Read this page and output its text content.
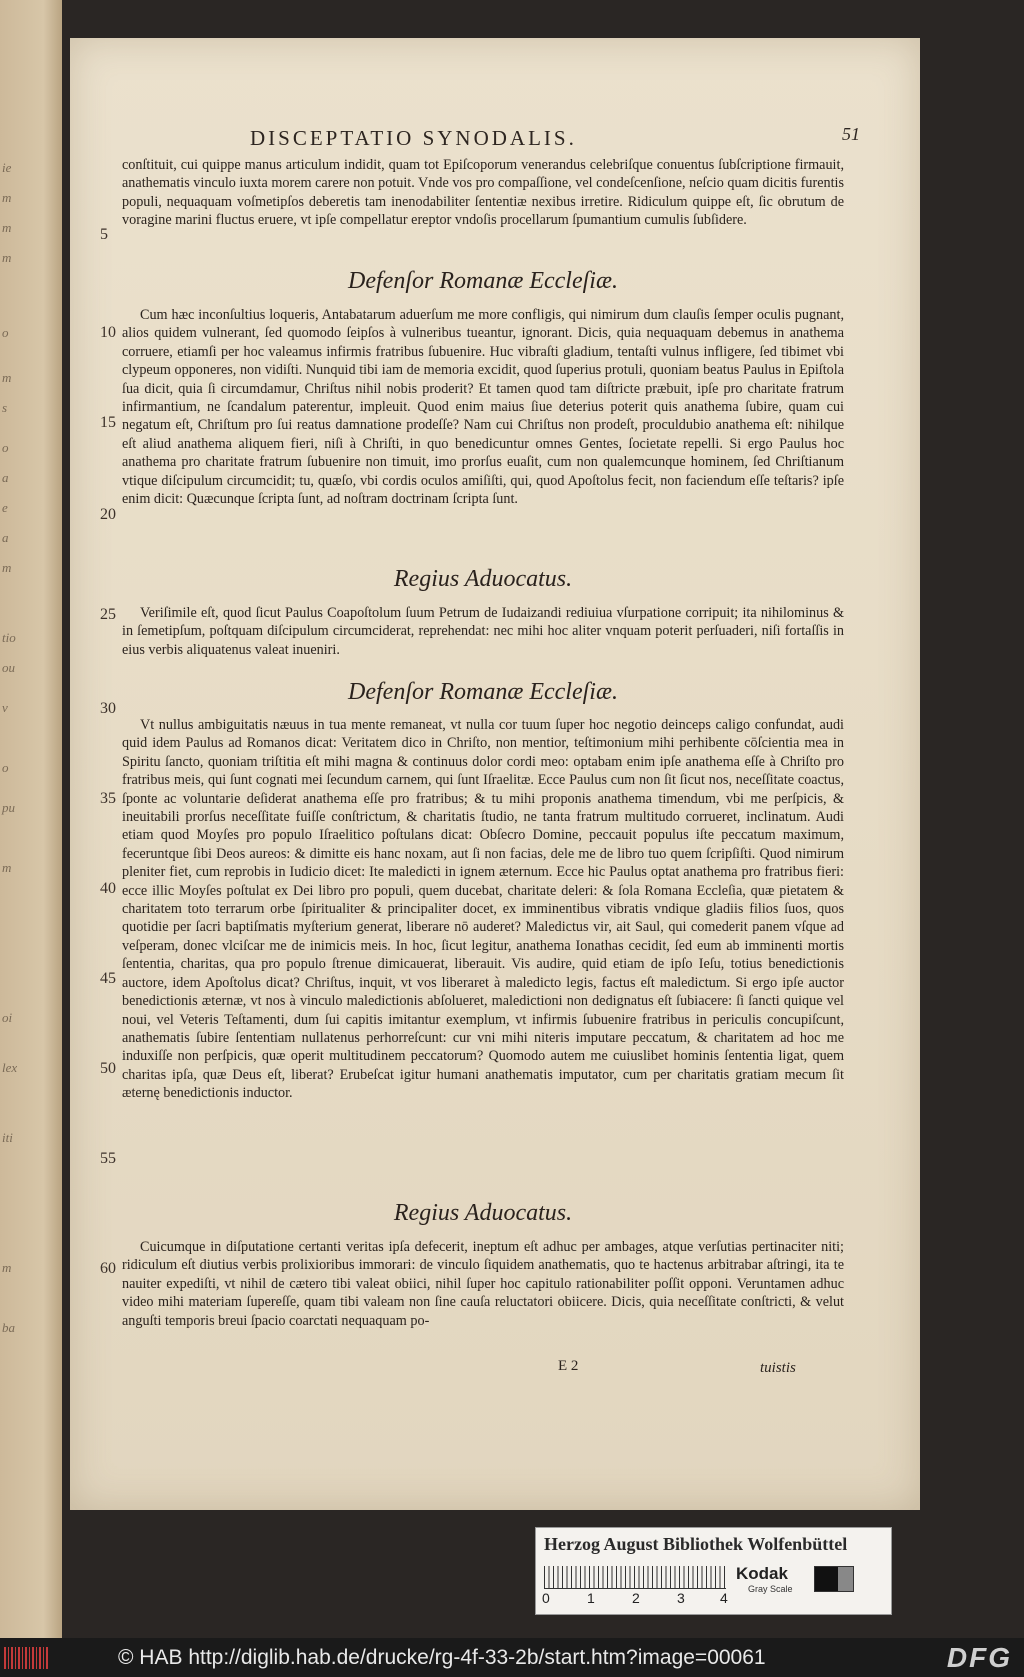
ie
m
m
m
o
m
s
o
a
e
a
m
tio
ou
v
o
pu
m
oi
lex
iti
m
ba
DISCEPTATIO SYNODALIS.	51
conſtituit, cui quippe manus articulum indidit, quam tot Epiſcoporum venerandus celebriſque conuentus ſubſcriptione firmauit, anathematis vinculo iuxta morem carere non potuit. Vnde vos pro compaſſione, vel condeſcenſione, neſcio quam dicitis furentis populi, nequaquam voſmetipſos deberetis tam inenodabiliter ſententiæ nexibus irretire. Ridiculum quippe eſt, ſic obrutum de voragine marini fluctus eruere, vt ipſe compellatur ereptor vndoſis procellarum ſpumantium cumulis ſubſidere.
Defenſor Romanæ Eccleſiæ.
Cum hæc inconſultius loqueris, Antabatarum aduerſum me more confligis, qui nimirum dum clauſis ſemper oculis pugnant, alios quidem vulnerant, ſed quomodo ſeipſos à vulneribus tueantur, ignorant. Dicis, quia nequaquam debemus in anathema corruere, etiamſi per hoc valeamus infirmis fratribus ſubuenire. Huc vibraſti gladium, tentaſti vulnus infligere, ſed tibimet vbi clypeum opponeres, non vidiſti. Nunquid tibi iam de memoria excidit, quod ſuperius protuli, quoniam beatus Paulus in Epiſtola ſua dicit, quia ſi circumdamur, Chriſtus nihil nobis proderit? Et tamen quod tam diſtricte præbuit, ipſe pro charitate fratrum infirmantium, ne ſcandalum paterentur, impleuit. Quod enim maius ſiue deterius poterit quis anathema ſubire, quam cui negatum eſt, Chriſtum pro ſui reatus damnatione prodeſſe? Nam cui Chriſtus non prodeſt, proculdubio anathema eſt: nihilque eſt aliud anathema aliquem fieri, niſi à Chriſti, in quo benedicuntur omnes Gentes, ſocietate repelli. Si ergo Paulus hoc anathema pro charitate fratrum ſubuenire non timuit, imo prorſus euaſit, cum non qualemcunque hominem, ſed Chriſtianum vtique diſcipulum circumcidit; tu, quæſo, vbi cordis oculos amiſiſti, qui, quod Apoſtolus fecit, non faciendum eſſe teſtaris? ipſe enim dicit: Quæcunque ſcripta ſunt, ad noſtram doctrinam ſcripta ſunt.
Regius Aduocatus.
Veriſimile eſt, quod ſicut Paulus Coapoſtolum ſuum Petrum de Iudaizandi rediuiua vſurpatione corripuit; ita nihilominus & in ſemetipſum, poſtquam diſcipulum circumciderat, reprehendat: nec mihi hoc aliter vnquam poterit perſuaderi, niſi fortaſſis in eius verbis aliquatenus valeat inueniri.
Defenſor Romanæ Eccleſiæ.
Vt nullus ambiguitatis næuus in tua mente remaneat, vt nulla cor tuum ſuper hoc negotio deinceps caligo confundat, audi quid idem Paulus ad Romanos dicat: Veritatem dico in Chriſto, non mentior, teſtimonium mihi perhibente cōſcientia mea in Spiritu ſancto, quoniam triſtitia eſt mihi magna & continuus dolor cordi meo: optabam enim ipſe anathema eſſe à Chriſto pro fratribus meis, qui ſunt cognati mei ſecundum carnem, qui ſunt Iſraelitæ. Ecce Paulus cum non ſit ſicut nos, neceſſitate coactus, ſponte ac voluntarie deſiderat anathema eſſe pro fratribus; & tu mihi proponis anathema timendum, vbi me perſpicis, & ineuitabili prorſus neceſſitate fuiſſe conſtrictum, & charitatis ſtudio, ne tanta fratrum multitudo corrueret, inclinatum. Audi etiam quod Moyſes pro populo Iſraelitico poſtulans dicat: Obſecro Domine, peccauit populus iſte peccatum maximum, feceruntque ſibi Deos aureos: & dimitte eis hanc noxam, aut ſi non facias, dele me de libro tuo quem ſcripſiſti. Quod nimirum pleniter fiet, cum reprobis in Iudicio dicet: Ite maledicti in ignem æternum. Ecce hic Paulus optat anathema pro fratribus fieri: ecce illic Moyſes poſtulat ex Dei libro pro populi, quem ducebat, charitate deleri: & ſola Romana Eccleſia, quæ pietatem & charitatem toto terrarum orbe ſpiritualiter & principaliter docet, ex imminentibus vibratis vndique gladiis filios ſuos, quos quotidie per ſacri baptiſmatis myſterium generat, liberare nō auderet? Maledictus vir, ait Saul, qui comederit panem vſque ad veſperam, donec vlciſcar me de inimicis meis. In hoc, ſicut legitur, anathema Ionathas cecidit, ſed eum ab imminenti mortis ſententia, charitas, qua pro populo ſtrenue dimicauerat, liberauit. Vis audire, quid etiam de ipſo Ieſu, totius benedictionis auctore, idem Apoſtolus dicat? Chriſtus, inquit, vt vos liberaret à maledicto legis, factus eſt maledictum. Si ergo ipſe auctor benedictionis æternæ, vt nos à vinculo maledictionis abſolueret, maledictioni non dedignatus eſt ſubiacere: ſi ſancti quique vel noui, vel Veteris Teſtamenti, dum ſui capitis imitantur exemplum, vt infirmis ſubuenire fratribus in periculis concupiſcunt, anathematis ſubire ſententiam nullatenus perhorreſcunt: cur vni mihi niteris imputare peccatum, & charitatem ad hoc me induxiſſe non perſpicis, quæ operit multitudinem peccatorum? Quomodo autem me cuiuslibet hominis ſententia ligat, quem charitas ipſa, quæ Deus eſt, liberat? Erubeſcat igitur humani anathematis imputator, cum per charitatis gratiam mecum ſit æternę benedictionis inductor.
Regius Aduocatus.
Cuicumque in diſputatione certanti veritas ipſa defecerit, ineptum eſt adhuc per ambages, atque verſutias pertinaciter niti; ridiculum eſt diutius verbis prolixioribus immorari: de vinculo ſiquidem anathematis, quo te hactenus arbitrabar aſtringi, ita te nauiter expediſti, vt nihil de cætero tibi valeat obiici, nihil ſuper hoc capitulo rationabiliter poſſit opponi. Veruntamen adhuc video mihi materiam ſupereſſe, quam tibi valeam non ſine cauſa reluctatori obiicere. Dicis, quia neceſſitate conſtricti, & velut anguſti temporis breui ſpacio coarctati nequaquam po-
5
10
15
20
25
30
35
40
45
50
55
60
E 2	tuistis
Herzog August Bibliothek Wolfenbüttel
0	1	2	3	4
Kodak
Gray Scale
© HAB http://diglib.hab.de/drucke/rg-4f-33-2b/start.htm?image=00061	DFG
